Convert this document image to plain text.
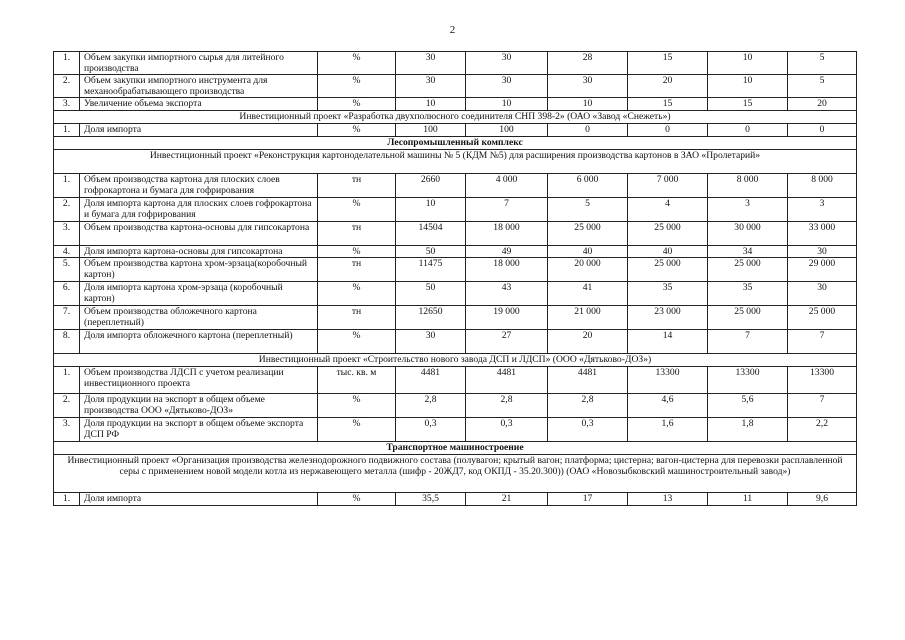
2
1.	Объем закупки импортного сырья для литейного производства	%	30	30	28	15	10	5
2.	Объем закупки импортного инструмента для механообрабатывающего производства	%	30	30	30	20	10	5
3.	Увеличение объема экспорта	%	10	10	10	15	15	20
Инвестиционный проект «Разработка двухполюсного соединителя СНП 398-2» (ОАО «Завод «Снежеть»)								
1.	Доля импорта	%	100	100	0	0	0	0
Лесопромышленный комплекс								
Инвестиционный проект «Реконструкция картоноделательной машины № 5 (КДМ №5) для расширения производства картонов в ЗАО «Пролетарий»								
1.	Объем производства картона для плоских слоев гофрокартона и бумага для гофрирования	тн	2660	4 000	6 000	7 000	8 000	8 000
2.	Доля импорта картона для плоских слоев гофрокартона и бумага для гофрирования	%	10	7	5	4	3	3
3.	Объем производства картона-основы для гипсокартона	тн	14504	18 000	25 000	25 000	30 000	33 000
4.	Доля импорта картона-основы для гипсокартона	%	50	49	40	40	34	30
5.	Объем производства картона хром-эрзаца(коробочный картон)	тн	11475	18 000	20 000	25 000	25 000	29 000
6.	Доля импорта картона хром-эрзаца (коробочный картон)	%	50	43	41	35	35	30
7.	Объем производства обложечного картона (переплетный)	тн	12650	19 000	21 000	23 000	25 000	25 000
8.	Доля импорта обложечного картона (переплетный)	%	30	27	20	14	7	7
Инвестиционный проект «Строительство нового завода ДСП и ЛДСП» (ООО «Дятьково-ДОЗ»)								
1.	Объем производства ЛДСП с учетом реализации инвестиционного проекта	тыс. кв. м	4481	4481	4481	13300	13300	13300
2.	Доля продукции на экспорт в общем объеме производства ООО «Дятьково-ДОЗ»	%	2,8	2,8	2,8	4,6	5,6	7
3.	Доля продукции на экспорт в общем объеме экспорта ДСП РФ	%	0,3	0,3	0,3	1,6	1,8	2,2
Транспортное машиностроение								
Инвестиционный проект «Организация производства железнодорожного подвижного состава (полувагон; крытый вагон; платформа; цистерна; вагон-цистерна для перевозки расплавленной серы с применением новой модели котла из нержавеющего металла (шифр - 20ЖД7, код ОКПД - 35.20.300)) (ОАО «Новозыбковский машиностроительный завод»)								
1.	Доля импорта	%	35,5	21	17	13	11	9,6
